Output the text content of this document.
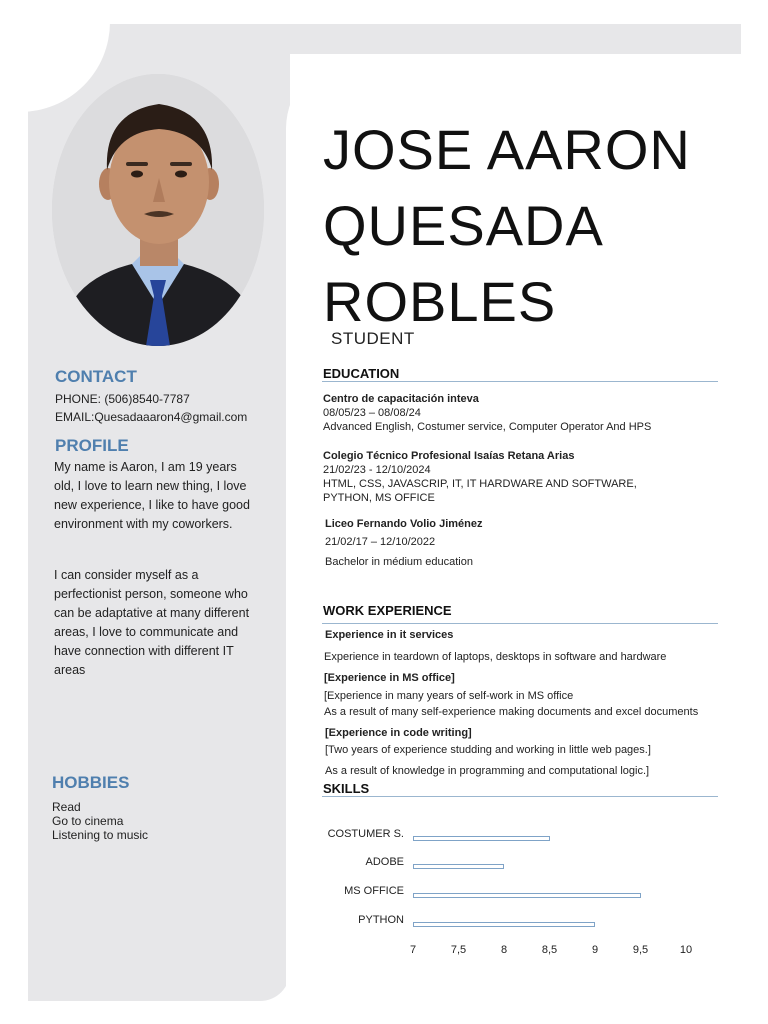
CONTACT
PHONE: (506)8540-7787
EMAIL:Quesadaaaron4@gmail.com
PROFILE
My name is Aaron, I am 19 years old, I love to learn new thing, I love new experience, I like to have good environment with my coworkers.
I can consider myself as a perfectionist person, someone who can be adaptative at many different areas, I love to communicate and have connection with different IT areas
HOBBIES
Read
Go to cinema
Listening to music
JOSE AARON
QUESADA
ROBLES
STUDENT
EDUCATION
Centro de capacitación inteva
08/05/23 – 08/08/24
Advanced English, Costumer service, Computer Operator And HPS
Colegio Técnico Profesional Isaías Retana Arias
21/02/23 - 12/10/2024
HTML, CSS, JAVASCRIP, IT, IT HARDWARE AND SOFTWARE,
PYTHON, MS OFFICE
Liceo Fernando Volio Jiménez
21/02/17 – 12/10/2022
Bachelor in médium education
WORK EXPERIENCE
Experience in it services
Experience in teardown of laptops, desktops in software and hardware
[Experience in MS office]
[Experience in many years of self-work in MS office
As a result of many self-experience making documents and excel documents
[Experience in code writing]
[Two years of experience studding and working in little web pages.]
As a result of knowledge in programming and computational logic.]
SKILLS
COSTUMER S.
ADOBE
MS OFFICE
PYTHON
7	7,5	8	8,5	9	9,5	10
